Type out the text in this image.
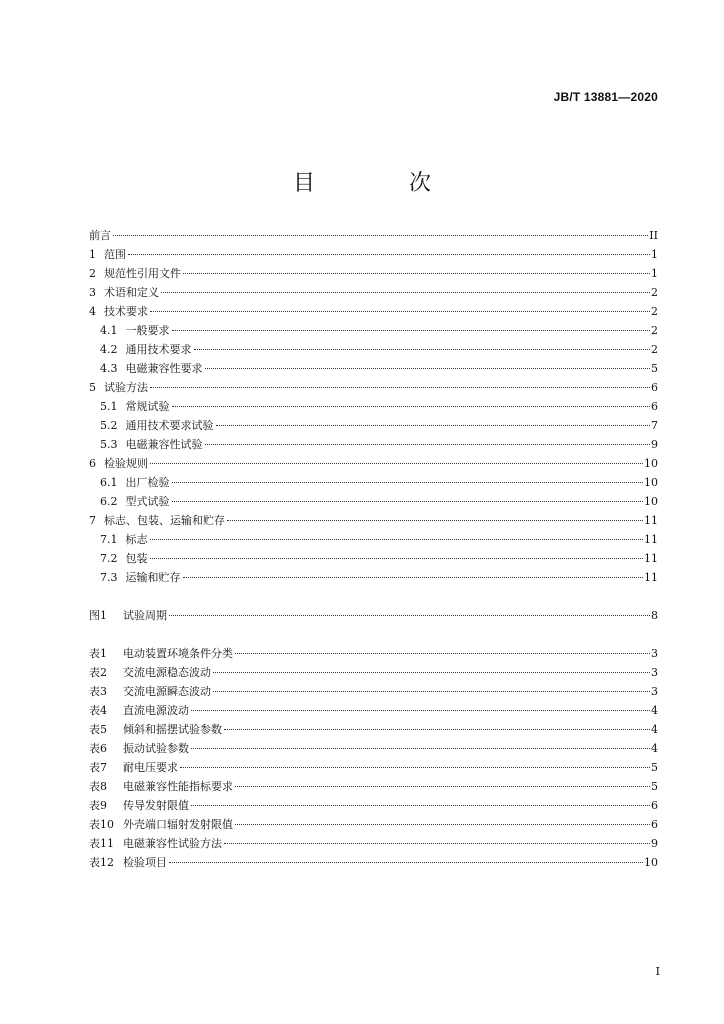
JB/T 13881—2020
目　次
前言	II
1 范围	1
2 规范性引用文件	1
3 术语和定义	2
4 技术要求	2
4.1 一般要求	2
4.2 通用技术要求	2
4.3 电磁兼容性要求	5
5 试验方法	6
5.1 常规试验	6
5.2 通用技术要求试验	7
5.3 电磁兼容性试验	9
6 检验规则	10
6.1 出厂检验	10
6.2 型式试验	10
7 标志、包装、运输和贮存	11
7.1 标志	11
7.2 包装	11
7.3 运输和贮存	11
图1	试验周期	8
表1	电动装置环境条件分类	3
表2	交流电源稳态波动	3
表3	交流电源瞬态波动	3
表4	直流电源波动	4
表5	倾斜和摇摆试验参数	4
表6	振动试验参数	4
表7	耐电压要求	5
表8	电磁兼容性能指标要求	5
表9	传导发射限值	6
表10 外壳端口辐射发射限值	6
表11 电磁兼容性试验方法	9
表12 检验项目	10
I
